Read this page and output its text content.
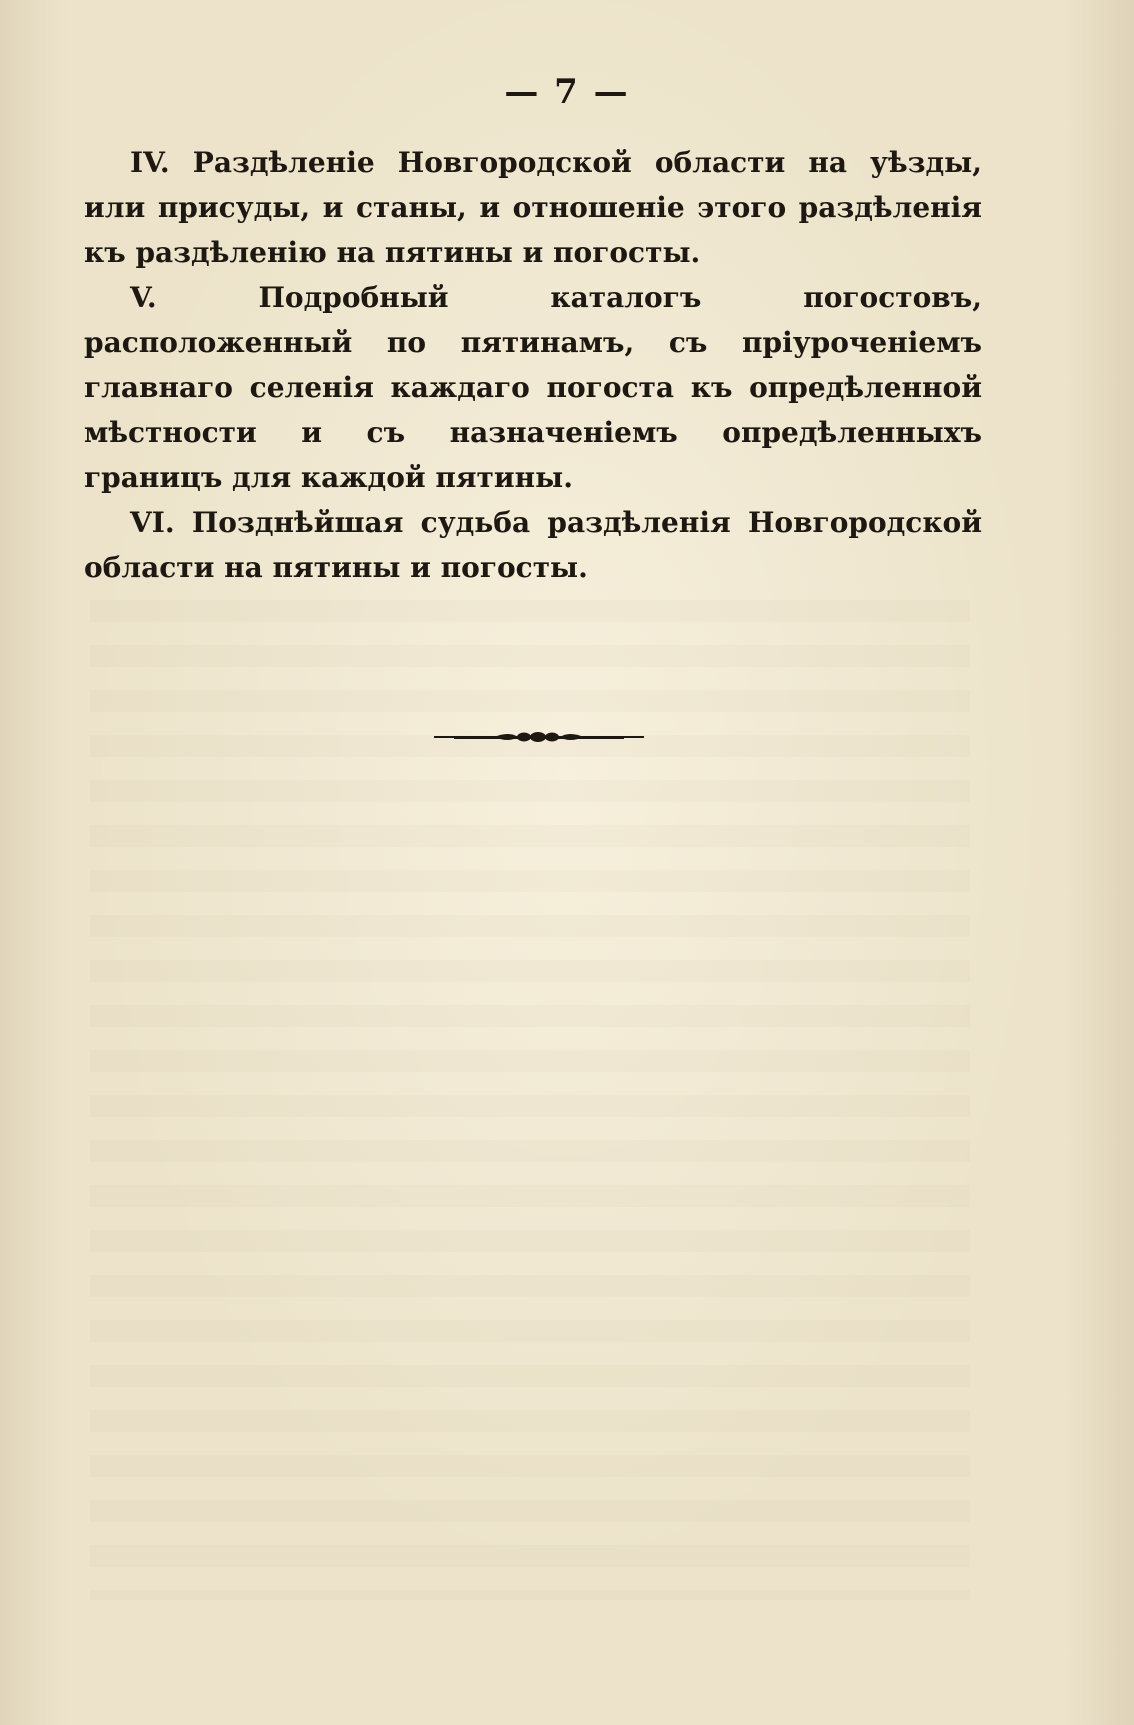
— 7 —

IV. Раздѣленіе Новгородской области на уѣзды, или присуды, и станы, и отношеніе этого раздѣленія къ раздѣленію на пятины и погосты.

V.	Подробный каталогъ погостовъ, расположенный по пятинамъ, съ пріуроченіемъ главнаго селенія каждаго погоста къ опредѣленной мѣстности и съ назначеніемъ опредѣленныхъ границъ для каждой пятины.

VI. Позднѣйшая судьба раздѣленія Новгородской области на пятины и погосты.
